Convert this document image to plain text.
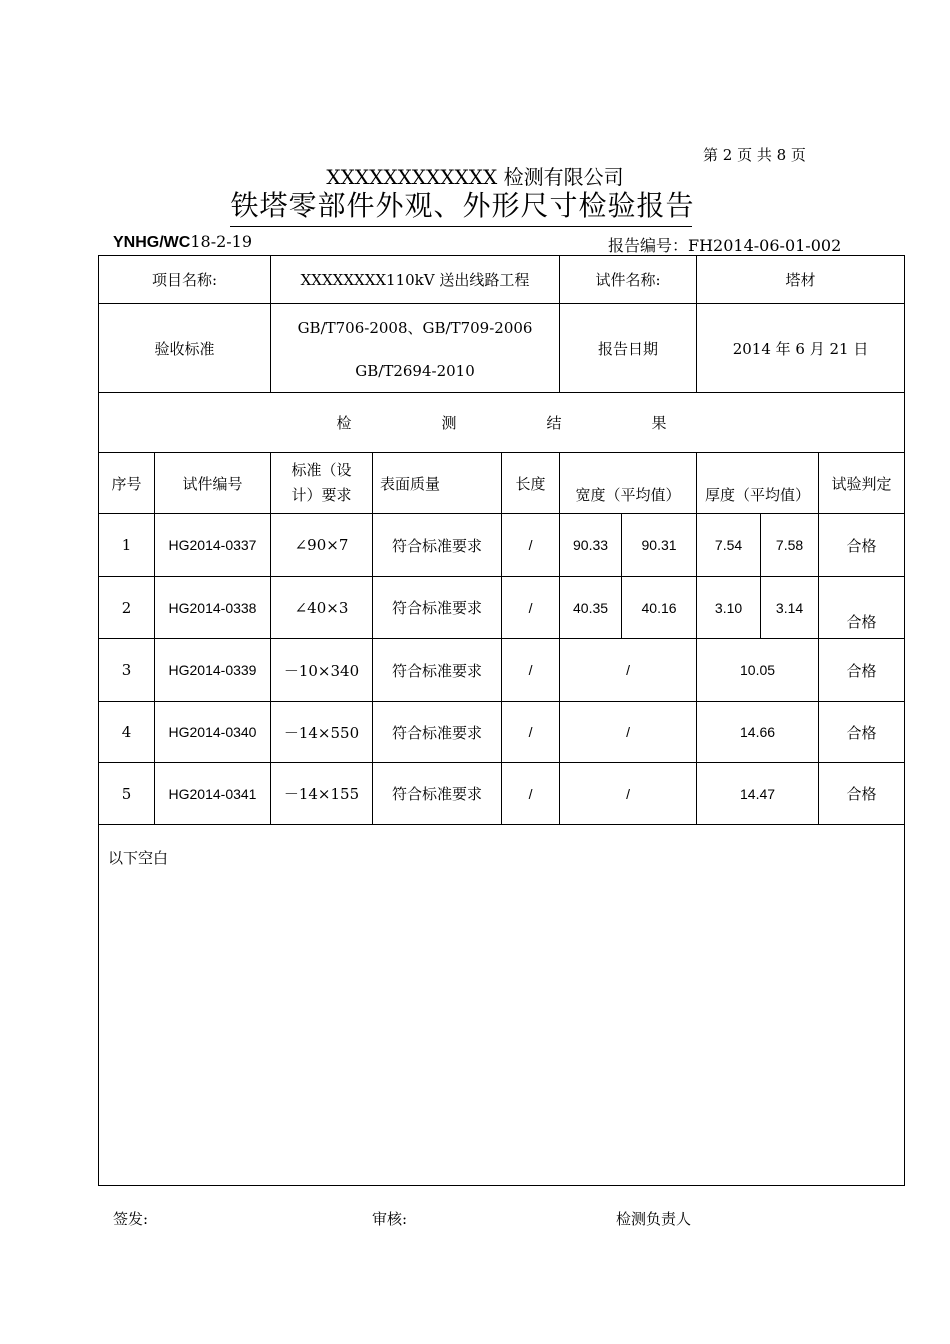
第 2 页 共 8 页
XXXXXXXXXXXX 检测有限公司
铁塔零部件外观、外形尺寸检验报告
YNHG/WC18-2-19	报告编号：FH2014-06-01-002
项目名称:		XXXXXXXX110kV 送出线路工程			试件名称:		塔材		
验收标准		GB/T706-2008、GB/T709-2006
GB/T2694-2010			报告日期		2014 年 6 月 21 日		
检 测 结 果									
序号	试件编号	标准（设计）要求	表面质量	长度	宽度（平均值）		厚度（平均值）		试验判定
1	HG2014-0337	∠90×7	符合标准要求	/	90.33	90.31	7.54	7.58	合格
2	HG2014-0338	∠40×3	符合标准要求	/	40.35	40.16	3.10	3.14	合格
3	HG2014-0339	－10×340	符合标准要求	/	/		10.05		合格
4	HG2014-0340	－14×550	符合标准要求	/	/		14.66		合格
5	HG2014-0341	－14×155	符合标准要求	/	/		14.47		合格
以下空白									
签发:	审核:	检测负责人
